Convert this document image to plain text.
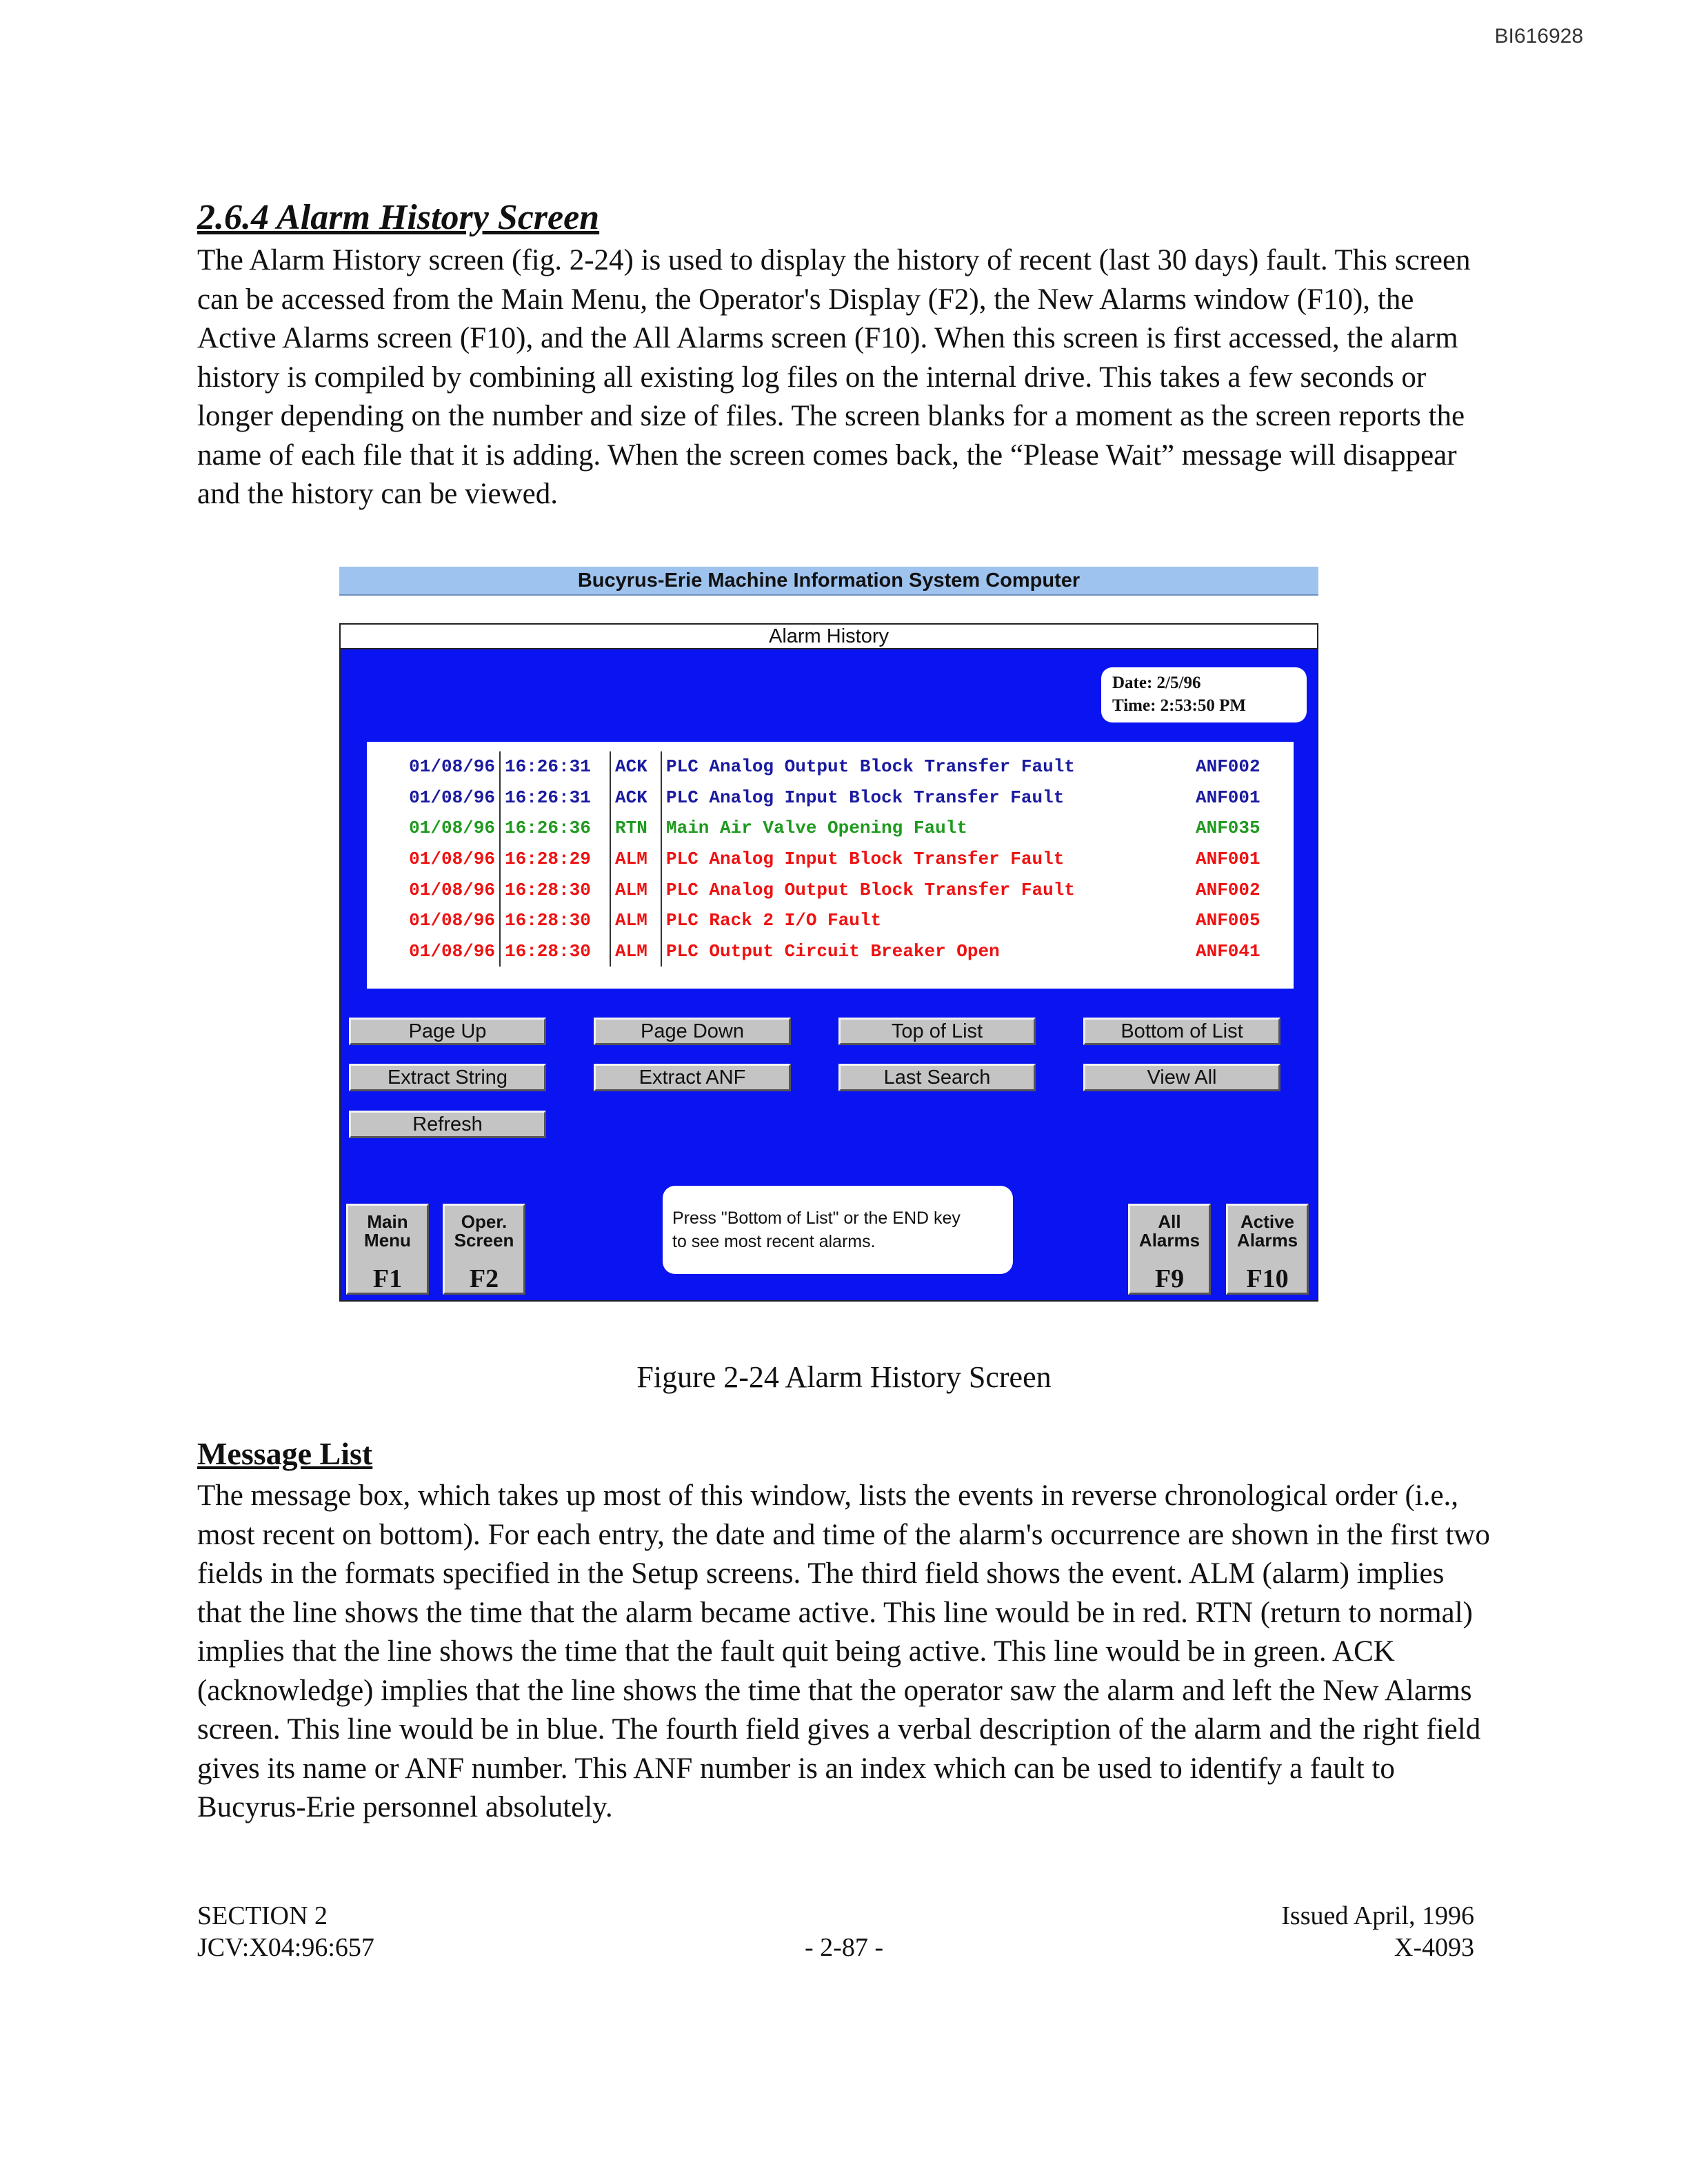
BI616928
2.6.4 Alarm History Screen

The Alarm History screen (fig. 2-24) is used to display the history of recent (last 30 days) fault. This screen can be accessed from the Main Menu, the Operator's Display (F2), the New Alarms window (F10), the Active Alarms screen (F10), and the All Alarms screen (F10). When this screen is first accessed, the alarm history is compiled by combining all existing log files on the internal drive. This takes a few seconds or longer depending on the number and size of files. The screen blanks for a moment as the screen reports the name of each file that it is adding. When the screen comes back, the “Please Wait” message will disappear and the history can be viewed.

Bucyrus-Erie Machine Information System Computer
Alarm History
Date: 2/5/96
Time: 2:53:50 PM
01/08/96	16:26:31	ACK	PLC Analog Output Block Transfer Fault	ANF002
01/08/96	16:26:31	ACK	PLC Analog Input Block Transfer Fault	ANF001
01/08/96	16:26:36	RTN	Main Air Valve Opening Fault	ANF035
01/08/96	16:28:29	ALM	PLC Analog Input Block Transfer Fault	ANF001
01/08/96	16:28:30	ALM	PLC Analog Output Block Transfer Fault	ANF002
01/08/96	16:28:30	ALM	PLC Rack 2 I/O Fault	ANF005
01/08/96	16:28:30	ALM	PLC Output Circuit Breaker Open	ANF041
Page Up	Page Down	Top of List	Bottom of List
Extract String	Extract ANF	Last Search	View All
Refresh
Main
Menu
F1
Oper.
Screen
F2
Press "Bottom of List" or the END key
to see most recent alarms.
All
Alarms
F9
Active
Alarms
F10
Figure 2-24 Alarm History Screen
Message List

The message box, which takes up most of this window, lists the events in reverse chronological order (i.e., most recent on bottom). For each entry, the date and time of the alarm's occurrence are shown in the first two fields in the formats specified in the Setup screens. The third field shows the event. ALM (alarm) implies that the line shows the time that the alarm became active. This line would be in red. RTN (return to normal) implies that the line shows the time that the fault quit being active. This line would be in green. ACK (acknowledge) implies that the line shows the time that the operator saw the alarm and left the New Alarms screen. This line would be in blue. The fourth field gives a verbal description of the alarm and the right field gives its name or ANF number. This ANF number is an index which can be used to identify a fault to Bucyrus-Erie personnel absolutely.

SECTION 2
JCV:X04:96:657	- 2-87 -
Issued April, 1996
X-4093
